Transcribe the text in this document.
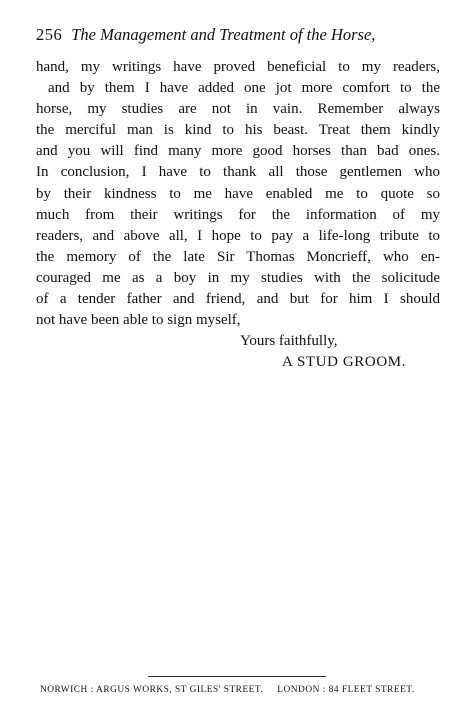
256 The Management and Treatment of the Horse,
hand, my writings have proved beneficial to my readers,
and by them I have added one jot more comfort to the
horse, my studies are not in vain. Remember always
the merciful man is kind to his beast. Treat them kindly
and you will find many more good horses than bad ones.
In conclusion, I have to thank all those gentlemen who
by their kindness to me have enabled me to quote so
much from their writings for the information of my
readers, and above all, I hope to pay a life-long tribute to
the memory of the late Sir Thomas Moncrieff, who en-
couraged me as a boy in my studies with the solicitude
of a tender father and friend, and but for him I should
not have been able to sign myself,
Yours faithfully,
A STUD GROOM.
NORWICH : ARGUS WORKS, ST GILES' STREET. LONDON : 84 FLEET STREET.
